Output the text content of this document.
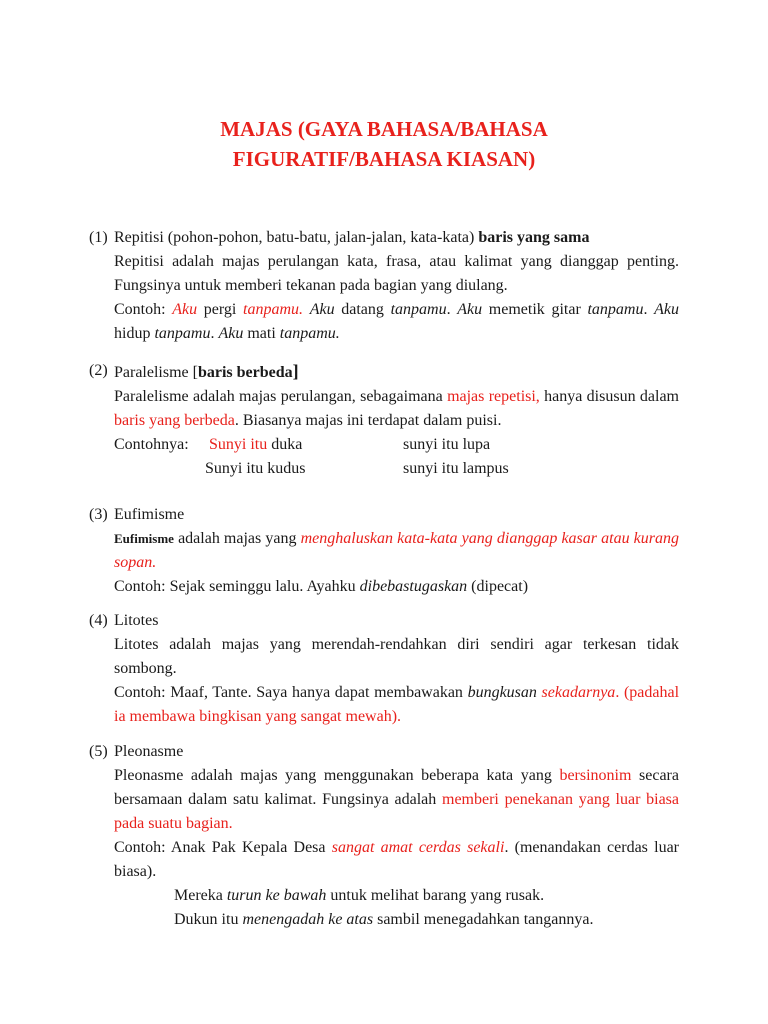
MAJAS (GAYA BAHASA/BAHASA
FIGURATIF/BAHASA KIASAN)
(1) Repitisi (pohon-pohon, batu-batu, jalan-jalan, kata-kata) baris yang sama
Repitisi adalah majas perulangan kata, frasa, atau kalimat yang dianggap penting. Fungsinya untuk memberi tekanan pada bagian yang diulang.
Contoh: Aku pergi tanpamu. Aku datang tanpamu. Aku memetik gitar tanpamu. Aku hidup tanpamu. Aku mati tanpamu.
(2) Paralelisme [baris berbeda]
Paralelisme adalah majas perulangan, sebagaimana majas repetisi, hanya disusun dalam baris yang berbeda. Biasanya majas ini terdapat dalam puisi.
Contohnya: Sunyi itu duka	sunyi itu lupa
Sunyi itu kudus	sunyi itu lampus
(3) Eufimisme
Eufimisme adalah majas yang menghaluskan kata-kata yang dianggap kasar atau kurang sopan.
Contoh: Sejak seminggu lalu. Ayahku dibebastugaskan (dipecat)
(4) Litotes
Litotes adalah majas yang merendah-rendahkan diri sendiri agar terkesan tidak sombong.
Contoh: Maaf, Tante. Saya hanya dapat membawakan bungkusan sekadarnya. (padahal ia membawa bingkisan yang sangat mewah).
(5) Pleonasme
Pleonasme adalah majas yang menggunakan beberapa kata yang bersinonim secara bersamaan dalam satu kalimat. Fungsinya adalah memberi penekanan yang luar biasa pada suatu bagian.
Contoh: Anak Pak Kepala Desa sangat amat cerdas sekali. (menandakan cerdas luar biasa).
Mereka turun ke bawah untuk melihat barang yang rusak.
Dukun itu menengadah ke atas sambil menegadahkan tangannya.
